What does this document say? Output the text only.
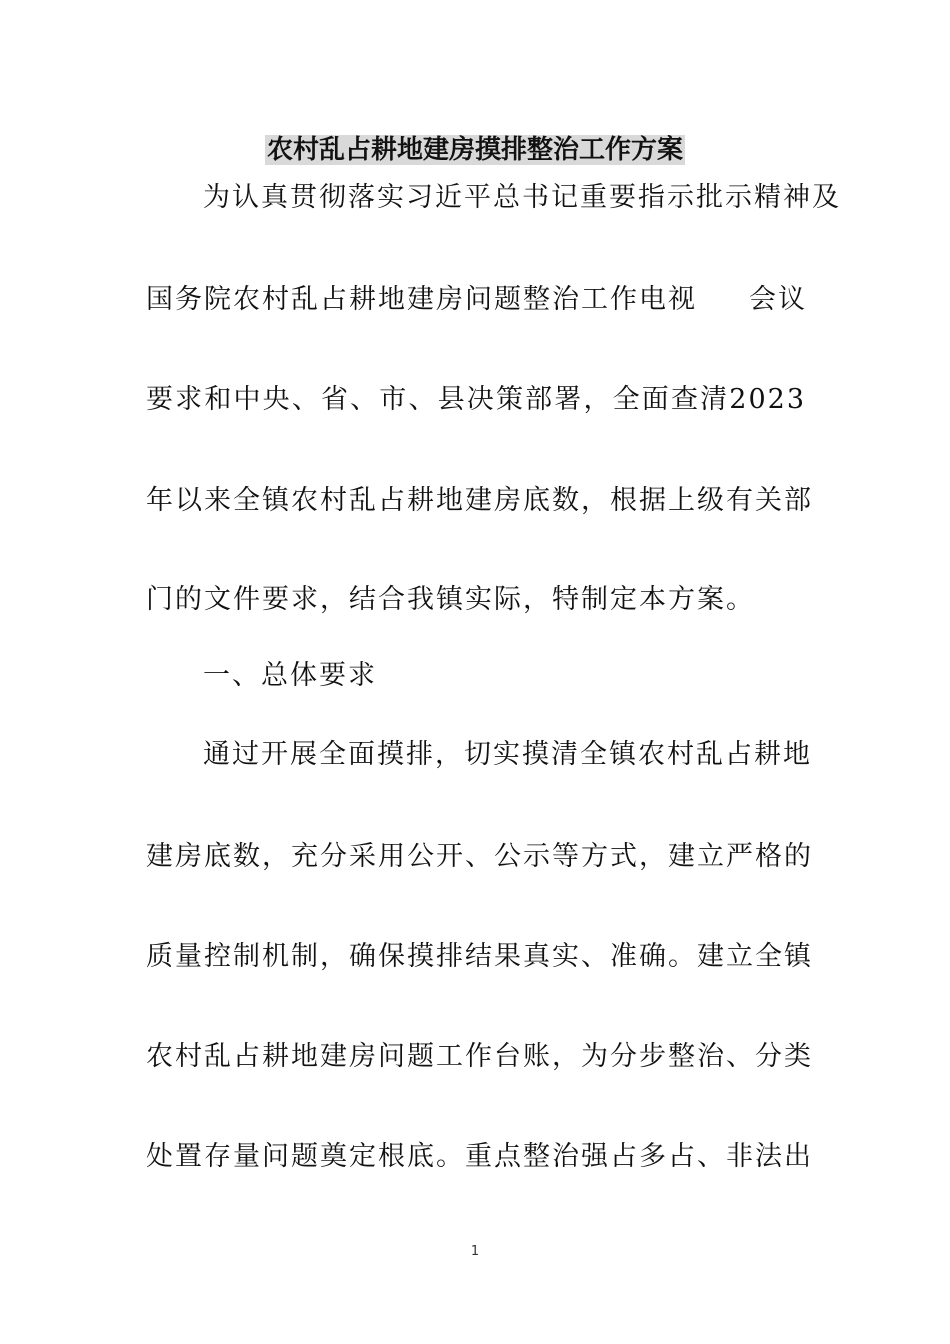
农村乱占耕地建房摸排整治工作方案
为认真贯彻落实习近平总书记重要指示批示精神及
国务院农村乱占耕地建房问题整治工作电视 会议
要求和中央、省、市、县决策部署，全面查清2023
年以来全镇农村乱占耕地建房底数，根据上级有关部
门的文件要求，结合我镇实际，特制定本方案。
一、总体要求
通过开展全面摸排，切实摸清全镇农村乱占耕地
建房底数，充分采用公开、公示等方式，建立严格的
质量控制机制，确保摸排结果真实、准确。建立全镇
农村乱占耕地建房问题工作台账，为分步整治、分类
处置存量问题奠定根底。重点整治强占多占、非法出
1
